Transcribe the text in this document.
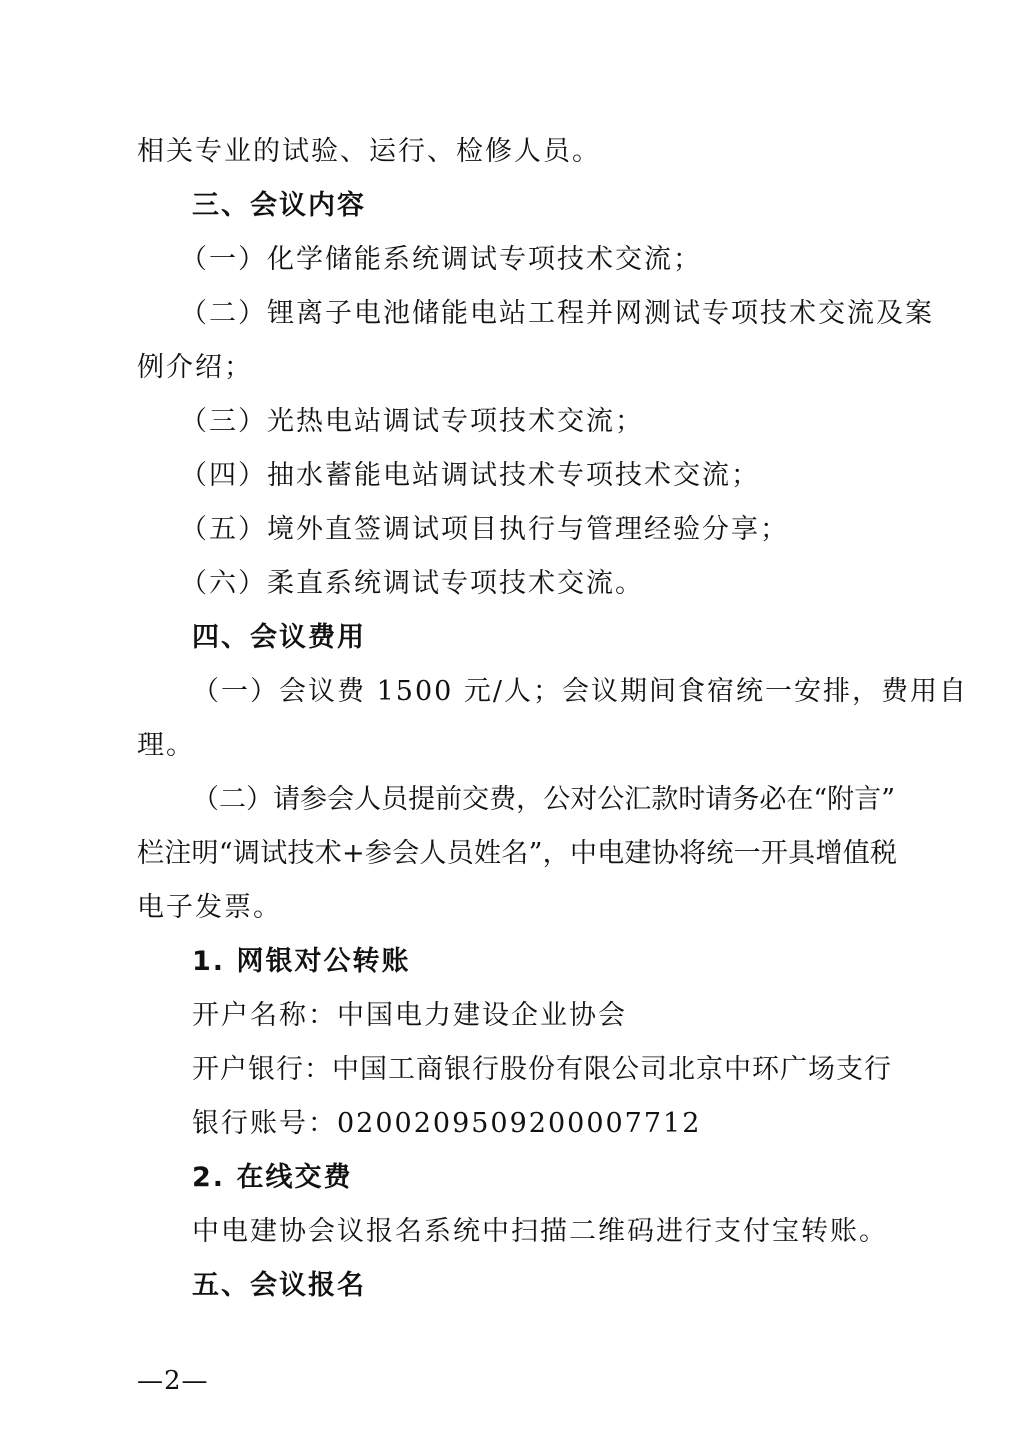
相关专业的试验、运行、检修人员。
三、会议内容
（一）化学储能系统调试专项技术交流；
（二）锂离子电池储能电站工程并网测试专项技术交流及案
例介绍；
（三）光热电站调试专项技术交流；
（四）抽水蓄能电站调试技术专项技术交流；
（五）境外直签调试项目执行与管理经验分享；
（六）柔直系统调试专项技术交流。
四、会议费用
（一）会议费 1500 元/人；会议期间食宿统一安排，费用自
理。
（二）请参会人员提前交费，公对公汇款时请务必在“附言”
栏注明“调试技术+参会人员姓名”，中电建协将统一开具增值税
电子发票。
1. 网银对公转账
开户名称：中国电力建设企业协会
开户银行：中国工商银行股份有限公司北京中环广场支行
银行账号：0200209509200007712
2. 在线交费
中电建协会议报名系统中扫描二维码进行支付宝转账。
五、会议报名
—2—
